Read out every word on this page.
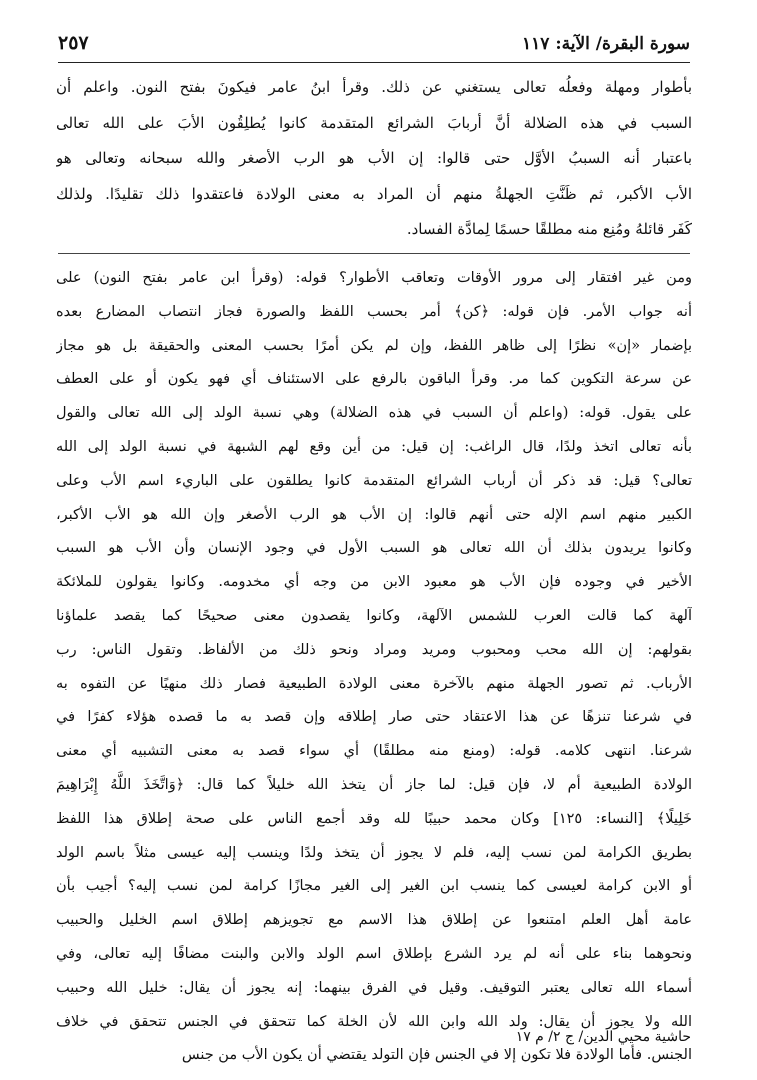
سورة البقرة/ الآية: ١١٧
٢٥٧
بأطوار ومهلة وفعلُه تعالى يستغني عن ذلك. وقرأ ابنُ عامر فيكونَ بفتح النون. واعلم أن
السبب في هذه الضلالة أنَّ أربابَ الشرائع المتقدمة كانوا يُطلِقُون الأبَ على الله تعالى
باعتبار أنه السببُ الأوَّل حتى قالوا: إن الأب هو الرب الأصغر والله سبحانه وتعالى هو
الأب الأكبر، ثم ظَنَّتِ الجهلةُ منهم أن المراد به معنى الولادة فاعتقدوا ذلك تقليدًا. ولذلك
كَفَر قائلهُ ومُنِع منه مطلقًا حسمًا لِمادَّة الفساد.
ومن غير افتقار إلى مرور الأوقات وتعاقب الأطوار؟ قوله: (وقرأ ابن عامر بفتح النون) على
أنه جواب الأمر. فإن قوله: ﴿كن﴾ أمر بحسب اللفظ والصورة فجاز انتصاب المضارع بعده
بإضمار «إن» نظرًا إلى ظاهر اللفظ، وإن لم يكن أمرًا بحسب المعنى والحقيقة بل هو مجاز
عن سرعة التكوين كما مر. وقرأ الباقون بالرفع على الاستئناف أي فهو يكون أو على العطف
على يقول. قوله: (واعلم أن السبب في هذه الضلالة) وهي نسبة الولد إلى الله تعالى والقول
بأنه تعالى اتخذ ولدًا، قال الراغب: إن قيل: من أين وقع لهم الشبهة في نسبة الولد إلى الله
تعالى؟ قيل: قد ذكر أن أرباب الشرائع المتقدمة كانوا يطلقون على الباريء اسم الأب وعلى
الكبير منهم اسم الإله حتى أنهم قالوا: إن الأب هو الرب الأصغر وإن الله هو الأب الأكبر،
وكانوا يريدون بذلك أن الله تعالى هو السبب الأول في وجود الإنسان وأن الأب هو السبب
الأخير في وجوده فإن الأب هو معبود الابن من وجه أي مخدومه. وكانوا يقولون للملائكة
آلهة كما قالت العرب للشمس الآلهة، وكانوا يقصدون معنى صحيحًا كما يقصد علماؤنا
بقولهم: إن الله محب ومحبوب ومريد ومراد ونحو ذلك من الألفاظ. وتقول الناس: رب
الأرباب. ثم تصور الجهلة منهم بالآخرة معنى الولادة الطبيعية فصار ذلك منهيًا عن التفوه به
في شرعنا تنزهًا عن هذا الاعتقاد حتى صار إطلاقه وإن قصد به ما قصده هؤلاء كفرًا في
شرعنا. انتهى كلامه. قوله: (ومنع منه مطلقًا) أي سواء قصد به معنى التشبيه أي معنى
الولادة الطبيعية أم لا، فإن قيل: لما جاز أن يتخذ الله خليلاً كما قال: ﴿وَاتَّخَذَ اللَّهُ إِبْرَاهِيمَ
خَلِيلًا﴾ [النساء: ١٢٥] وكان محمد حبيبًا لله وقد أجمع الناس على صحة إطلاق هذا اللفظ
بطريق الكرامة لمن نسب إليه، فلم لا يجوز أن يتخذ ولدًا وينسب إليه عيسى مثلاً باسم الولد
أو الابن كرامة لعيسى كما ينسب ابن الغير إلى الغير مجازًا كرامة لمن نسب إليه؟ أجيب بأن
عامة أهل العلم امتنعوا عن إطلاق هذا الاسم مع تجويزهم إطلاق اسم الخليل والحبيب
ونحوهما بناء على أنه لم يرد الشرع بإطلاق اسم الولد والابن والبنت مضافًا إليه تعالى، وفي
أسماء الله تعالى يعتبر التوقيف. وقيل في الفرق بينهما: إنه يجوز أن يقال: خليل الله وحبيب
الله ولا يجوز أن يقال: ولد الله وابن الله لأن الخلة كما تتحقق في الجنس تتحقق في خلاف
الجنس. فأما الولادة فلا تكون إلا في الجنس فإن التولد يقتضي أن يكون الأب من جنس
حاشية محيي الدين/ ج ٢/ م ١٧
